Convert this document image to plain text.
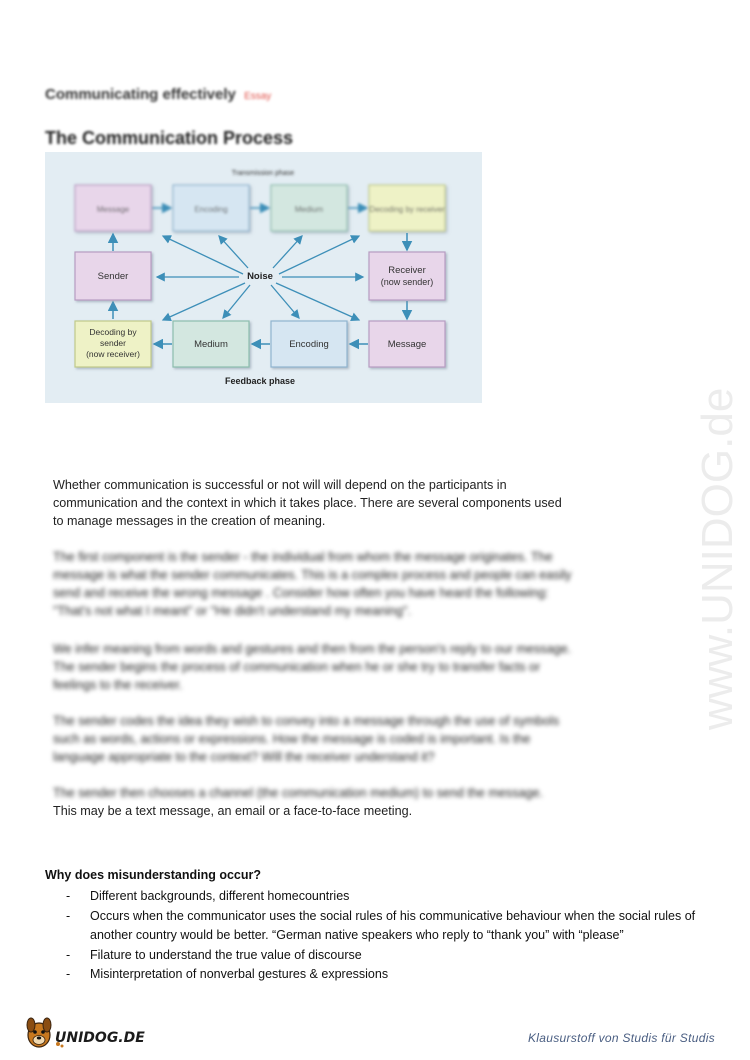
Communicating effectively Essay
The Communication Process
Transmission phase
Message	Encoding	Medium	Decoding by receiver
Sender
Receiver
(now sender)
Noise
Decoding by
sender
(now receiver)
Medium	Encoding	Message
Feedback phase

Whether communication is successful or not will will depend on the participants in communication and the context in which it takes place. There are several components used to manage messages in the creation of meaning.

The first component is the sender - the individual from whom the message originates. The message is what the sender communicates. This is a complex process and people can easily send and receive the wrong message . Consider how often you have heard the following: "That's not what I meant" or "He didn't understand my meaning".

We infer meaning from words and gestures and then from the person's reply to our message. The sender begins the process of communication when he or she try to transfer facts or feelings to the receiver.

The sender codes the idea they wish to convey into a message through the use of symbols such as words, actions or expressions. How the message is coded is important. Is the language appropriate to the context? Will the receiver understand it?

The sender then chooses a channel (the communication medium) to send the message.

This may be a text message, an email or a face-to-face meeting.

Why does misunderstanding occur?
- Different backgrounds, different homecountries
- Occurs when the communicator uses the social rules of his communicative behaviour when the social rules of another country would be better. “German native speakers who reply to “thank you” with “please”
- Filature to understand the true value of discourse
- Misinterpretation of nonverbal gestures & expressions
www.UNIDOG.de
UNIDOG.DE	Klausurstoff von Studis für Studis
